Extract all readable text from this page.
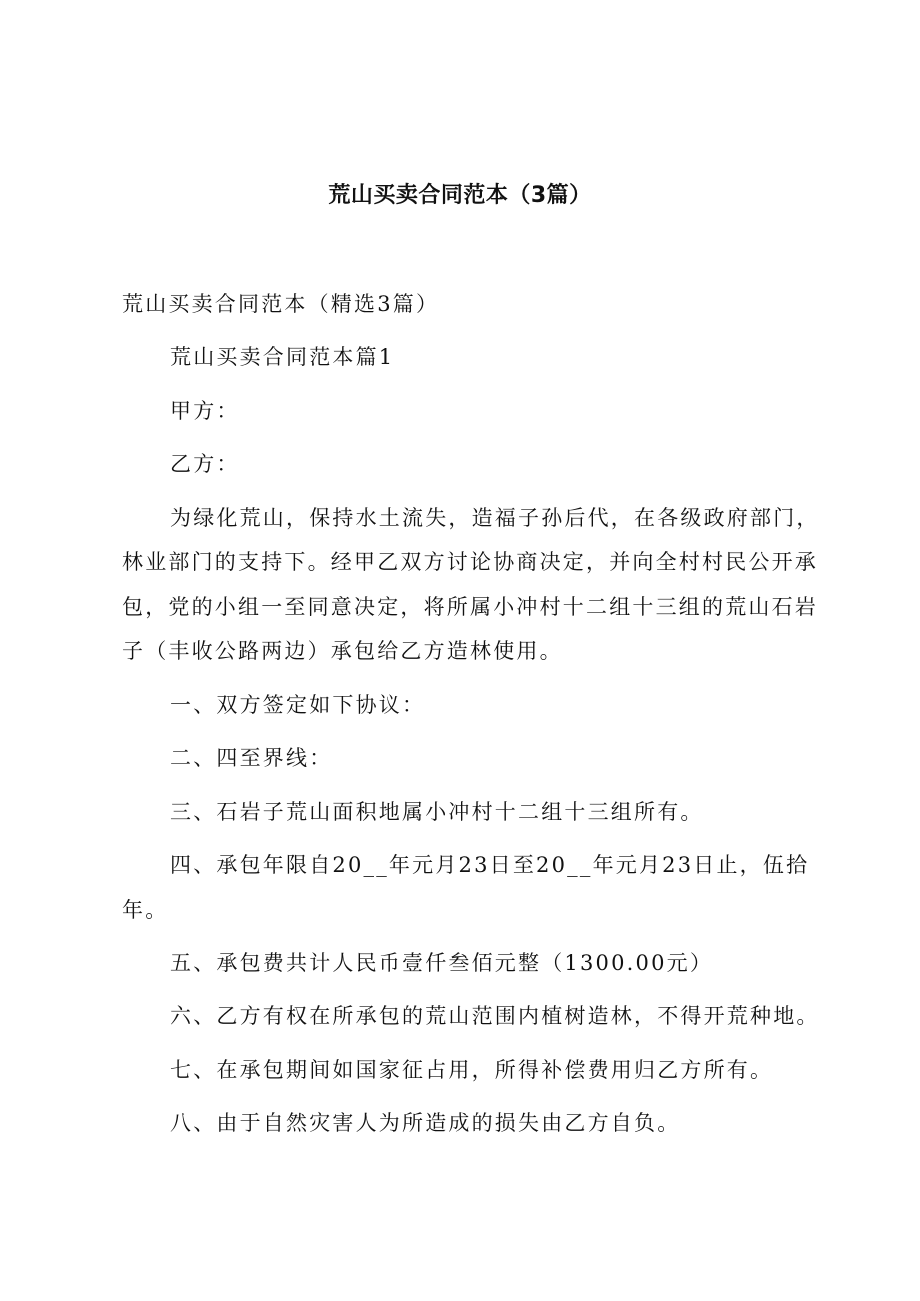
荒山买卖合同范本（3篇）

荒山买卖合同范本（精选3篇）

荒山买卖合同范本篇1

甲方：

乙方：

为绿化荒山，保持水土流失，造福子孙后代，在各级政府部门，林业部门的支持下。经甲乙双方讨论协商决定，并向全村村民公开承包，党的小组一至同意决定，将所属小冲村十二组十三组的荒山石岩子（丰收公路两边）承包给乙方造林使用。

一、双方签定如下协议：

二、四至界线：

三、石岩子荒山面积地属小冲村十二组十三组所有。

四、承包年限自20__年元月23日至20__年元月23日止，伍拾年。

五、承包费共计人民币壹仟叁佰元整（1300.00元）

六、乙方有权在所承包的荒山范围内植树造林，不得开荒种地。

七、在承包期间如国家征占用，所得补偿费用归乙方所有。

八、由于自然灾害人为所造成的损失由乙方自负。
